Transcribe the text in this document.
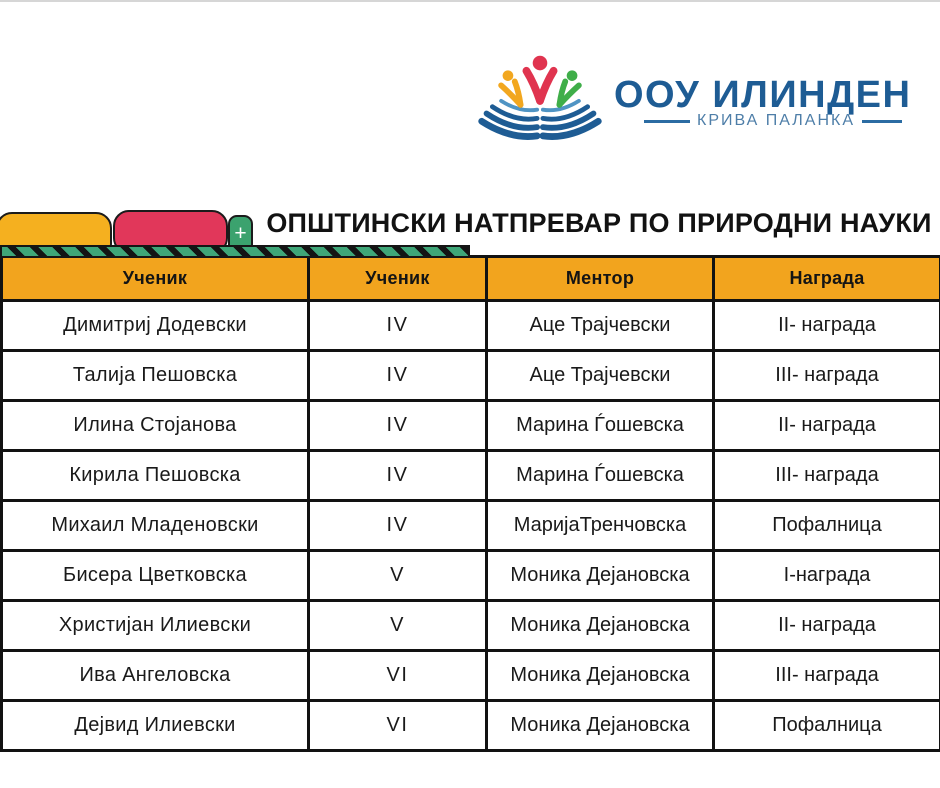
ООУ ИЛИНДЕН
КРИВА ПАЛАНКА
+ ОПШТИНСКИ НАТПРЕВАР ПО ПРИРОДНИ НАУКИ
Ученик	Ученик	Ментор	Награда
Димитриј Додевски	IV	Аце Трајчевски	II- награда
Талија Пешовска	IV	Аце Трајчевски	III- награда
Илина Стојанова	IV	Марина Ѓошевска	II- награда
Кирила Пешовска	IV	Марина Ѓошевска	III- награда
Михаил Младеновски	IV	МаријаТренчовска	Пофалница
Бисера Цветковска	V	Моника Дејановска	I-награда
Христијан Илиевски	V	Моника Дејановска	II- награда
Ива Ангеловска	VI	Моника Дејановска	III- награда
Дејвид Илиевски	VI	Моника Дејановска	Пофалница
